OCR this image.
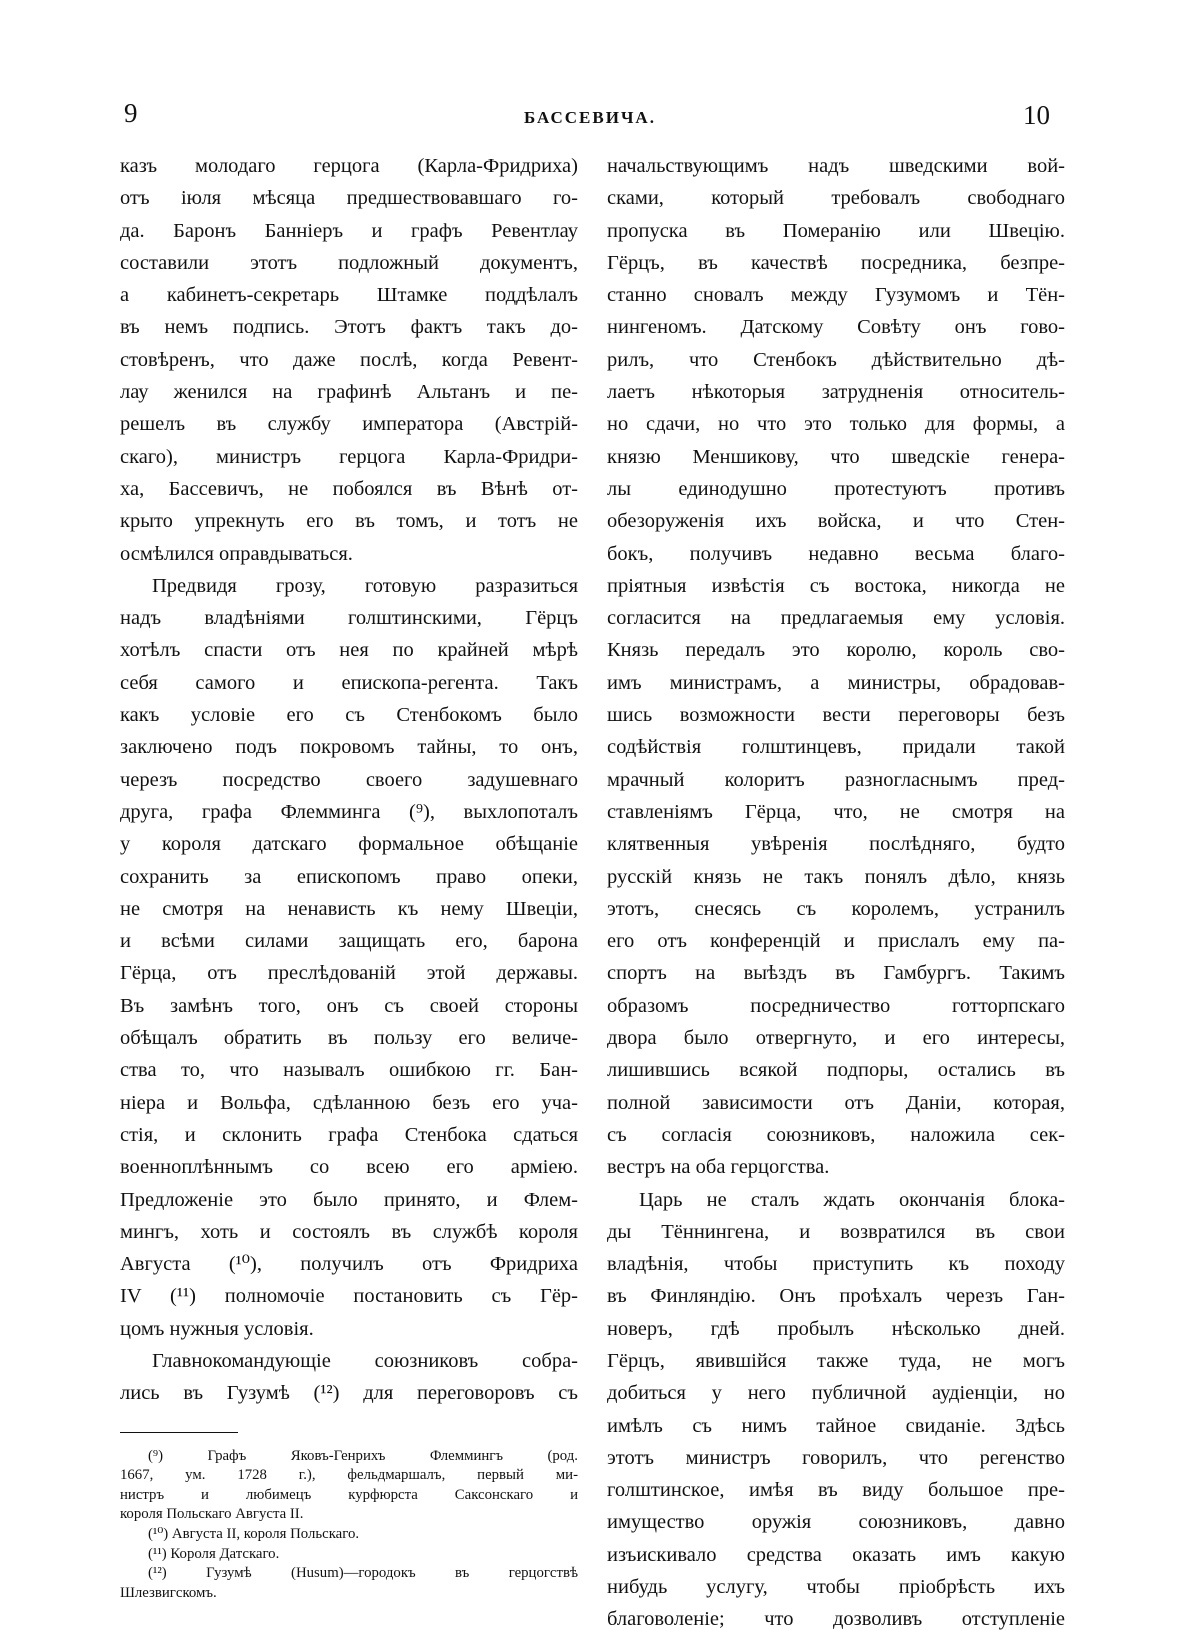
9	БАССЕВИЧА.	10
казъ молодаго герцога (Карла-Фридриха)
отъ іюля мѣсяца предшествовавшаго го-
да. Баронъ Банніеръ и графъ Ревентлау
составили этотъ подложный документъ,
а кабинетъ-секретарь Штамке поддѣлалъ
въ немъ подпись. Этотъ фактъ такъ до-
стовѣренъ, что даже послѣ, когда Ревент-
лау женился на графинѣ Альтанъ и пе-
решелъ въ службу императора (Австрій-
скаго), министръ герцога Карла-Фридри-
ха, Бассевичъ, не побоялся въ Вѣнѣ от-
крыто упрекнуть его въ томъ, и тотъ не
осмѣлился оправдываться.
Предвидя грозу, готовую разразиться
надъ владѣніями голштинскими, Гёрцъ
хотѣлъ спасти отъ нея по крайней мѣрѣ
себя самого и епископа-регента. Такъ
какъ условіе его съ Стенбокомъ было
заключено подъ покровомъ тайны, то онъ,
черезъ посредство своего задушевнаго
друга, графа Флемминга (⁹), выхлопоталъ
у короля датскаго формальное обѣщаніе
сохранить за епископомъ право опеки,
не смотря на ненависть къ нему Швеціи,
и всѣми силами защищать его, барона
Гёрца, отъ преслѣдованій этой державы.
Въ замѣнъ того, онъ съ своей стороны
обѣщалъ обратить въ пользу его величе-
ства то, что называлъ ошибкою гг. Бан-
ніера и Вольфа, сдѣланною безъ его уча-
стія, и склонить графа Стенбока сдаться
военноплѣннымъ со всею его арміею.
Предложеніе это было принято, и Флем-
мингъ, хоть и состоялъ въ службѣ короля
Августа (¹⁰), получилъ отъ Фридриха
IV (¹¹) полномочіе постановить съ Гёр-
цомъ нужныя условія.
Главнокомандующіе союзниковъ собра-
лись въ Гузумѣ (¹²) для переговоровъ съ
(⁹) Графъ Яковъ-Генрихъ Флеммингъ (род.
1667, ум. 1728 г.), фельдмаршалъ, первый ми-
нистръ и любимецъ курфюрста Саксонскаго и
короля Польскаго Августа II.
(¹⁰) Августа II, короля Польскаго.
(¹¹) Короля Датскаго.
(¹²) Гузумѣ (Husum)—городокъ въ герцогствѣ
Шлезвигскомъ.
начальствующимъ надъ шведскими вой-
сками, который требовалъ свободнаго
пропуска въ Померанію или Швецію.
Гёрцъ, въ качествѣ посредника, безпре-
станно сновалъ между Гузумомъ и Тён-
нингеномъ. Датскому Совѣту онъ гово-
рилъ, что Стенбокъ дѣйствительно дѣ-
лаетъ нѣкоторыя затрудненія относитель-
но сдачи, но что это только для формы, а
князю Меншикову, что шведскіе генера-
лы единодушно протестуютъ противъ
обезоруженія ихъ войска, и что Стен-
бокъ, получивъ недавно весьма благо-
пріятныя извѣстія съ востока, никогда не
согласится на предлагаемыя ему условія.
Князь передалъ это королю, король сво-
имъ министрамъ, а министры, обрадовав-
шись возможности вести переговоры безъ
содѣйствія голштинцевъ, придали такой
мрачный колоритъ разногласнымъ пред-
ставленіямъ Гёрца, что, не смотря на
клятвенныя увѣренія послѣдняго, будто
русскій князь не такъ понялъ дѣло, князь
этотъ, снесясь съ королемъ, устранилъ
его отъ конференцій и прислалъ ему па-
спортъ на выѣздъ въ Гамбургъ. Такимъ
образомъ посредничество готторпскаго
двора было отвергнуто, и его интересы,
лишившись всякой подпоры, остались въ
полной зависимости отъ Даніи, которая,
съ согласія союзниковъ, наложила сек-
вестръ на оба герцогства.
Царь не сталъ ждать окончанія блока-
ды Тённингена, и возвратился въ свои
владѣнія, чтобы приступить къ походу
въ Финляндію. Онъ проѣхалъ черезъ Ган-
новеръ, гдѣ пробылъ нѣсколько дней.
Гёрцъ, явившійся также туда, не могъ
добиться у него публичной аудіенціи, но
имѣлъ съ нимъ тайное свиданіе. Здѣсь
этотъ министръ говорилъ, что регенство
голштинское, имѣя въ виду большое пре-
имущество оружія союзниковъ, давно
изъискивало средства оказать имъ какую
нибудь услугу, чтобы пріобрѣсть ихъ
благоволеніе; что дозволивъ отступленіе
